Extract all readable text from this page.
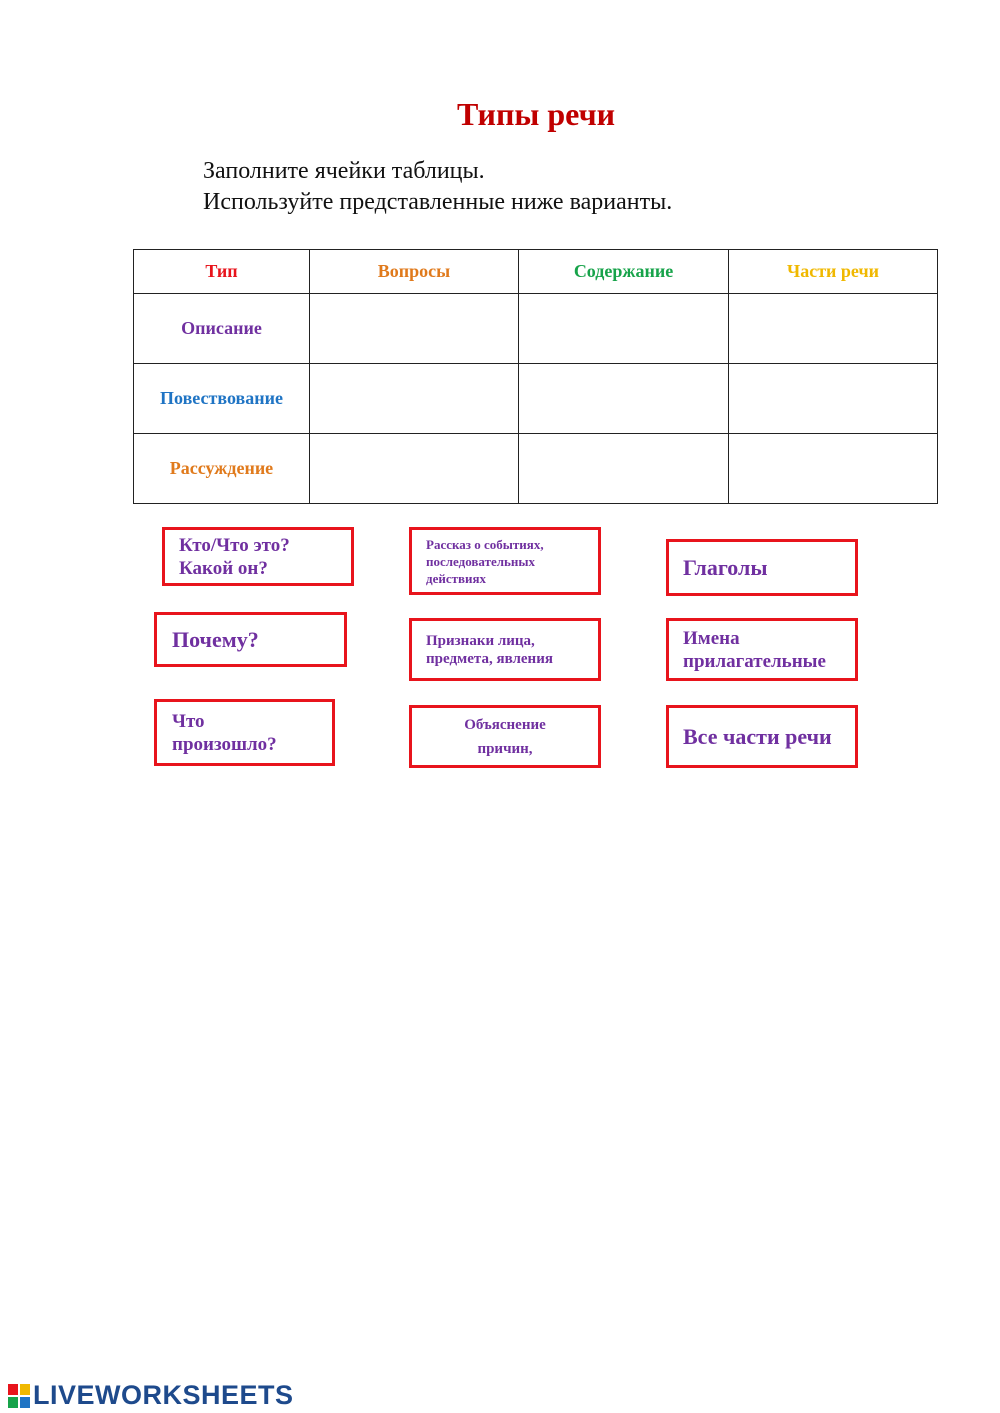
Типы речи
Заполните ячейки таблицы.
Используйте представленные ниже варианты.
Тип	Вопросы	Содержание	Части речи
Описание			
Повествование			
Рассуждение			
Кто/Что это?
Какой он?
Почему?
Что
произошло?
Рассказ о событиях,
последовательных
действиях
Признаки лица,
предмета, явления
Объяснение
причин,
Глаголы
Имена
прилагательные
Все части речи
LIVEWORKSHEETS
